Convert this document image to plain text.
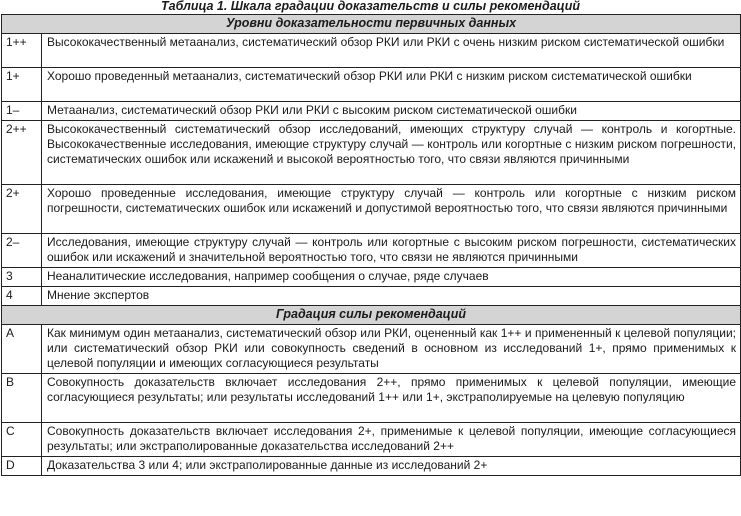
Таблица 1. Шкала градации доказательств и силы рекомендаций
Уровни доказательности первичных данных	
1++	Высококачественный метаанализ, систематический обзор РКИ или РКИ с очень низким риском систематической ошибки
1+	Хорошо проведенный метаанализ, систематический обзор РКИ или РКИ с низким риском систематической ошибки
1–	Метаанализ, систематический обзор РКИ или РКИ с высоким риском систематической ошибки
2++	Высококачественный систематический обзор исследований, имеющих структуру случай — контроль и когортные. Высококачественные исследования, имеющие структуру случай — контроль или когортные с низким риском погрешности, систематических ошибок или искажений и высокой вероятностью того, что связи являются причинными
2+	Хорошо проведенные исследования, имеющие структуру случай — контроль или когортные с низким риском погрешности, систематических ошибок или искажений и допустимой вероятностью того, что связи являются причинными
2–	Исследования, имеющие структуру случай — контроль или когортные с высоким риском погрешности, систематических ошибок или искажений и значительной вероятностью того, что связи не являются причинными
3	Неаналитические исследования, например сообщения о случае, ряде случаев
4	Мнение экспертов
Градация силы рекомендаций	
A	Как минимум один метаанализ, систематический обзор или РКИ, оцененный как 1++ и примененный к целевой популяции; или систематический обзор РКИ или совокупность сведений в основном из исследований 1+, прямо применимых к целевой популяции и имеющих согласующиеся результаты
B	Совокупность доказательств включает исследования 2++, прямо применимых к целевой популяции, имеющие согласующиеся результаты; или результаты исследований 1++ или 1+, экстраполируемые на целевую популяцию
C	Совокупность доказательств включает исследования 2+, применимые к целевой популяции, имеющие согласующиеся результаты; или экстраполированные доказательства исследований 2++
D	Доказательства 3 или 4; или экстраполированные данные из исследований 2+
